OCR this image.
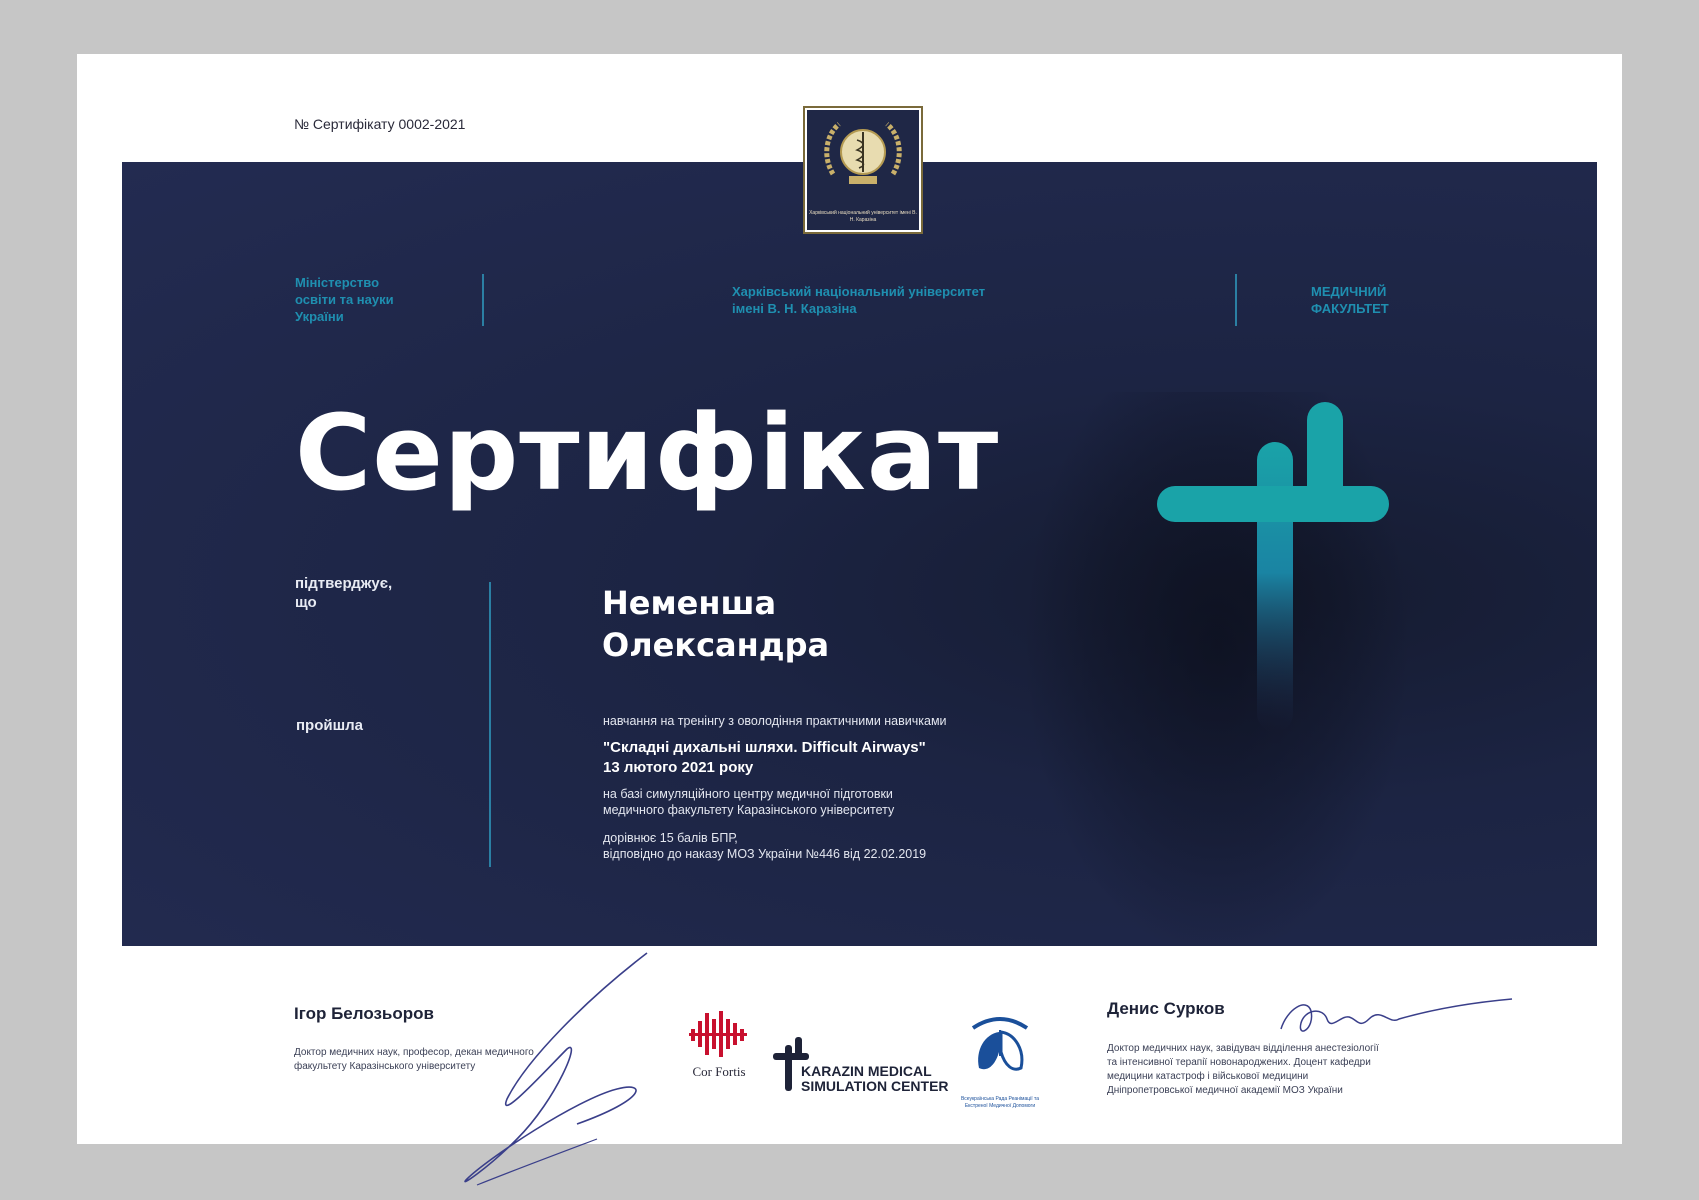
№ Сертифікату 0002-2021
Міністерство
освіти та науки
України
Харківський національний університет
імені В. Н. Каразіна
МЕДИЧНИЙ
ФАКУЛЬТЕТ
Сертифікат
підтверджує,
що
пройшла
Неменша
Олександра
навчання на тренінгу з оволодіння практичними навичками
"Складні дихальні шляхи. Difficult Airways"
13 лютого 2021 року
на базі симуляційного центру медичної підготовки
медичного факультету Каразінського університету
дорівнює 15 балів БПР,
відповідно до наказу МОЗ України №446 від 22.02.2019
Харківський національний університет імені В. Н. Каразіна
Ігор Белозьоров
Доктор медичних наук, професор, декан медичного
факультету Каразінського університету	Cor Fortis	KARAZIN MEDICAL
SIMULATION CENTER
Всеукраїнська Рада Реанімації та Екстреної Медичної Допомоги
Денис Сурков
Доктор медичних наук, завідувач відділення анестезіології
та інтенсивної терапії новонароджених. Доцент кафедри
медицини катастроф і військової медицини
Дніпропетровської медичної академії МОЗ України
